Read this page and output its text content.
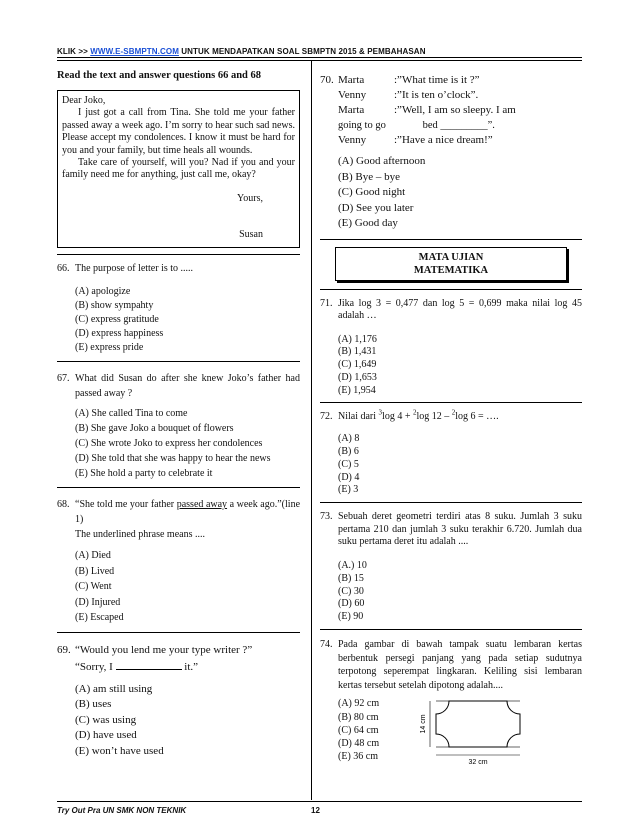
KLIK >> WWW.E-SBMPTN.COM UNTUK MENDAPATKAN SOAL SBMPTN 2015 & PEMBAHASAN
Read the text and answer questions 66 and 68

Dear Joko,

I just got a call from Tina. She told me your father passed away a week ago. I’m sorry to hear such sad news. Please accept my condolences. I know it must be hard for you and your family, but time heals all wounds.

Take care of yourself, will you? Nad if you and your family need me for anything, just call me, okay?

Yours,

Susan

66. The purpose of letter is to .....
(A) apologize
(B) show sympahty
(C) express gratitude
(D) express happiness
(E) express pride
67. What did Susan do after she knew Joko’s father had passed away ?
(A) She called Tina to come
(B) She gave Joko a bouquet of flowers
(C) She wrote Joko to express her condolences
(D) She told that she was happy to hear the news
(E) She hold a party to celebrate it
68. “She told me your father passed away a week ago.”(line 1)
The underlined phrase means ....
(A) Died
(B) Lived
(C) Went
(D) Injured
(E) Escaped
69. “Would you lend me your type writer ?”
“Sorry, I	it.”
(A) am still using
(B) uses
(C) was using
(D) have used
(E) won’t have used
70. Marta	:”What time is it ?”
Venny	:”It is ten o’clock”.
Marta	:”Well, I am so sleepy. I am
going to go              bed _________”.
Venny	:”Have a nice dream!”
(A) Good afternoon
(B) Bye – bye
(C) Good night
(D) See you later
(E) Good day
MATA UJIAN
MATEMATIKA
71. Jika log 3 = 0,477 dan log 5 = 0,699 maka nilai log 45 adalah …
(A) 1,176
(B) 1,431
(C) 1,649
(D) 1,653
(E) 1,954
72. Nilai dari $^3$log 4 + $^2$log 12 – $^2$log 6 = ….
(A) 8
(B) 6
(C) 5
(D) 4
(E) 3
73. Sebuah deret geometri terdiri atas 8 suku. Jumlah 3 suku pertama 210 dan jumlah 3 suku terakhir 6.720. Jumlah dua suku pertama deret itu adalah ....
(A.) 10
(B) 15
(C) 30
(D) 60
(E) 90
74. Pada gambar di bawah tampak suatu lembaran kertas berbentuk persegi panjang yang pada setiap sudutnya terpotong seperempat lingkaran. Keliling sisi lembaran kertas tersebut setelah dipotong adalah....
(A) 92 cm
(B) 80 cm
(C) 64 cm
(D) 48 cm
(E) 36 cm
14 cm
32 cm
Try Out Pra UN SMK NON TEKNIK	12
